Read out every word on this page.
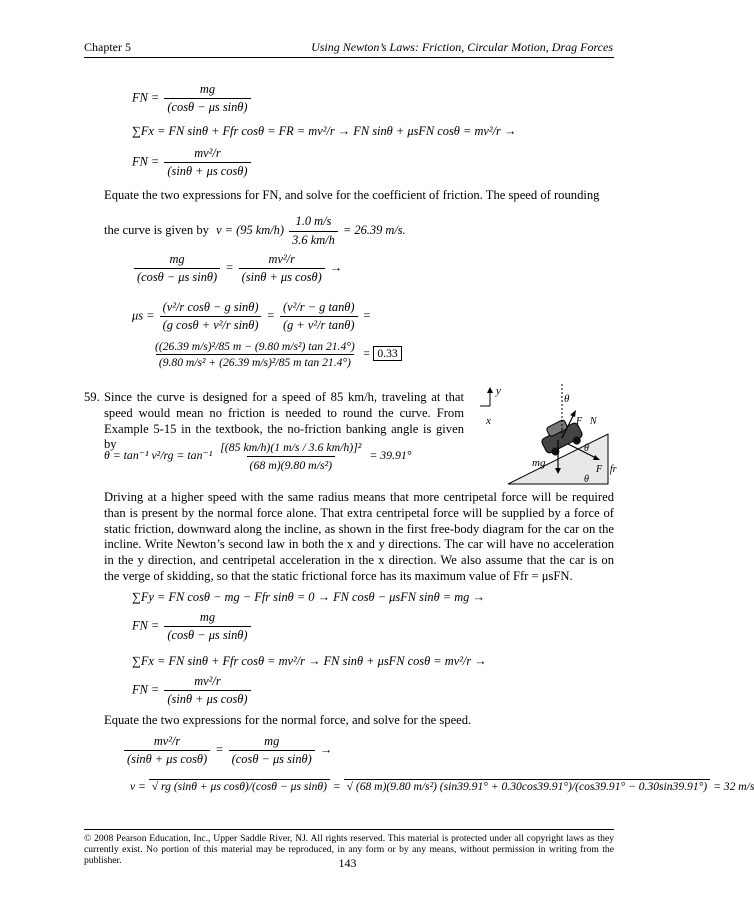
Chapter 5	Using Newton’s Laws: Friction, Circular Motion, Drag Forces
FN = $\frac{mg}{\text{(cosθ − μs sinθ)}}$
∑Fx = FN sinθ + Ffr cosθ = FR = mv²/r → FN sinθ + μsFN cosθ = mv²/r →
FN = $\frac{\text{mv²/r}}{\text{(sinθ + μs cosθ)}}$
Equate the two expressions for FN, and solve for the coefficient of friction. The speed of rounding
the curve is given by v = (95 $km/h) \frac{1.0 m/s}{3.6 km/h} = 26.39$ m/s.
$\frac{mg}{\text{(cosθ − μs sinθ)}} = \frac{\text{mv²/r}}{\text{(sinθ + μs cosθ)}}$ →
$\mu s = \frac{\text{(v²/r cosθ − g sinθ)}}{\text{(g cosθ + v²/r sinθ)}} = \frac{\text{(v²/r − g tanθ)}}{\text{(g + v²/r tanθ)}}$ =
$\frac{\text{((26.39 m/s)²/85 m − (9.80 m/s²) tan 21.4°)}}{\text{(9.80 m/s² + (26.39 m/s)²/85 m tan 21.4°)}} = 0.33$
59. Since the curve is designed for a speed of 85 km/h, traveling at that speed would mean no friction is needed to round the curve. From Example 5-15 in the textbook, the no-friction banking angle is given by
θ = tan⁻¹ $v^2/rg = \tan^{-1} \frac{\text{[(85 km/h)(1 m/s / 3.6 km/h)]²}}{\text{(68 m)(9.80 m/s²)}} = 39.91^\circ$
y
x
θ
F⃗N
mg⃗
θ
F⃗fr
θ
Driving at a higher speed with the same radius means that more centripetal force will be required than is present by the normal force alone. That extra centripetal force will be supplied by a force of static friction, downward along the incline, as shown in the first free-body diagram for the car on the incline. Write Newton’s second law in both the x and y directions. The car will have no acceleration in the y direction, and centripetal acceleration in the x direction. We also assume that the car is on the verge of skidding, so that the static frictional force has its maximum value of Ffr = μsFN.
∑Fy = FN cosθ − mg − Ffr sinθ = 0 → FN cosθ − μsFN sinθ = mg →
FN = $\frac{mg}{\text{(cosθ − μs sinθ)}}$
∑Fx = FN sinθ + Ffr cosθ = mv²/r → FN sinθ + μsFN cosθ = mv²/r →
FN = $\frac{\text{mv²/r}}{\text{(sinθ + μs cosθ)}}$
Equate the two expressions for the normal force, and solve for the speed.
$\frac{\text{mv²/r}}{\text{(sinθ + μs cosθ)}} = \frac{mg}{\text{(cosθ − μs sinθ)}}$ →
v = √ rg (sinθ + μs cosθ)/(cosθ − μs sinθ) = √ (68 m)(9.80 m/s²) (sin39.91° + 0.30cos39.91°)/(cos39.91° − 0.30sin39.91°) = 32 m/s
© 2008 Pearson Education, Inc., Upper Saddle River, NJ. All rights reserved. This material is protected under all copyright laws as they currently exist. No portion of this material may be reproduced, in any form or by any means, without permission in writing from the publisher.	143
